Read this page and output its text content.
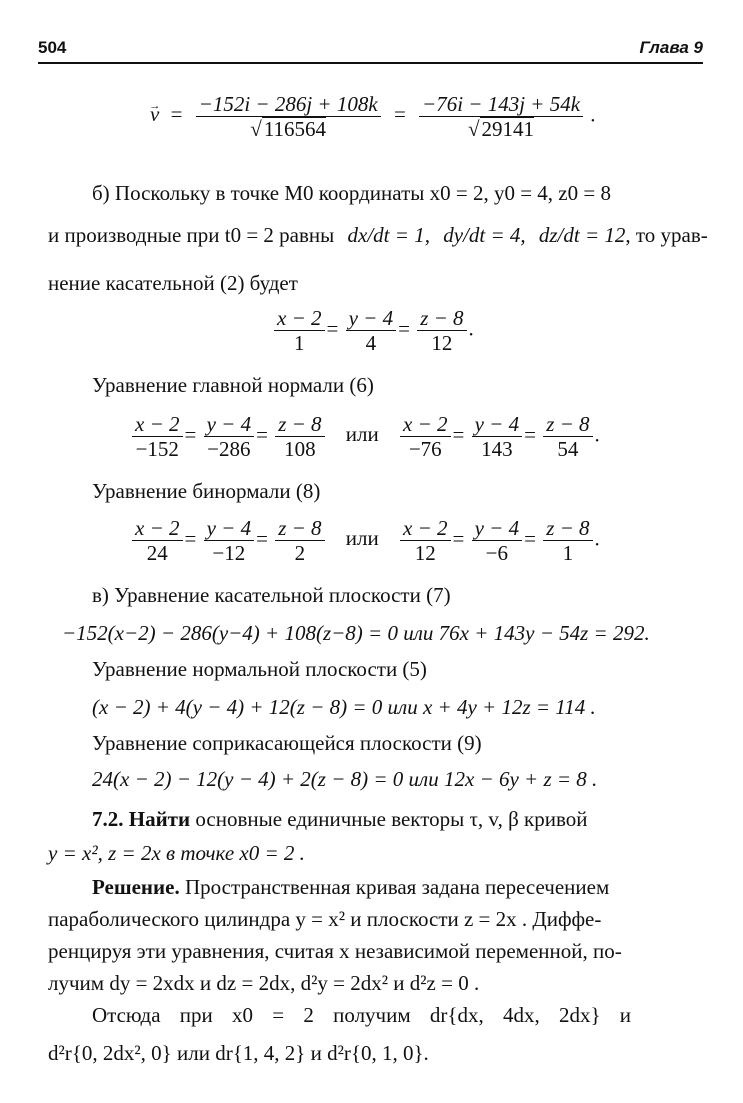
504	Глава 9
→ $v = \frac{-152i - 286j + 108k}{√116564} = \frac{-76i - 143j + 54k}{√29141}$ .
б) Поскольку в точке M0 координаты x0 = 2, y0 = 4, z0 = 8
и производные при t0 = 2 равны dx/dt = 1, dy/dt = 4, dz/dt = 12, то урав-
нение касательной (2) будет
$\frac{x - 2}{1} = \frac{y - 4}{4} = \frac{z - 8}{12}$ .
Уравнение главной нормали (6)
$\frac{x - 2}{-152} = \frac{y - 4}{-286} = \frac{z - 8}{108}$ или $\frac{x - 2}{-76} = \frac{y - 4}{143} = \frac{z - 8}{54}$ .
Уравнение бинормали (8)
$\frac{x - 2}{24} = \frac{y - 4}{-12} = \frac{z - 8}{2}$ или $\frac{x - 2}{12} = \frac{y - 4}{-6} = \frac{z - 8}{1}$ .
в) Уравнение касательной плоскости (7)
−152(x−2) − 286(y−4) + 108(z−8) = 0 или 76x + 143y − 54z = 292.
Уравнение нормальной плоскости (5)
(x − 2) + 4(y − 4) + 12(z − 8) = 0 или x + 4y + 12z = 114 .
Уравнение соприкасающейся плоскости (9)
24(x − 2) − 12(y − 4) + 2(z − 8) = 0 или 12x − 6y + z = 8 .
7.2. Найти основные единичные векторы τ, v, β кривой
y = x², z = 2x в точке x0 = 2 .
Решение. Пространственная кривая задана пересечением
параболического цилиндра y = x² и плоскости z = 2x . Диффе-
ренцируя эти уравнения, считая x независимой переменной, по-
лучим dy = 2xdx и dz = 2dx, d²y = 2dx² и d²z = 0 .
Отсюда при x0 = 2 получим dr{dx, 4dx, 2dx} и
d²r{0, 2dx², 0} или dr{1, 4, 2} и d²r{0, 1, 0}.
